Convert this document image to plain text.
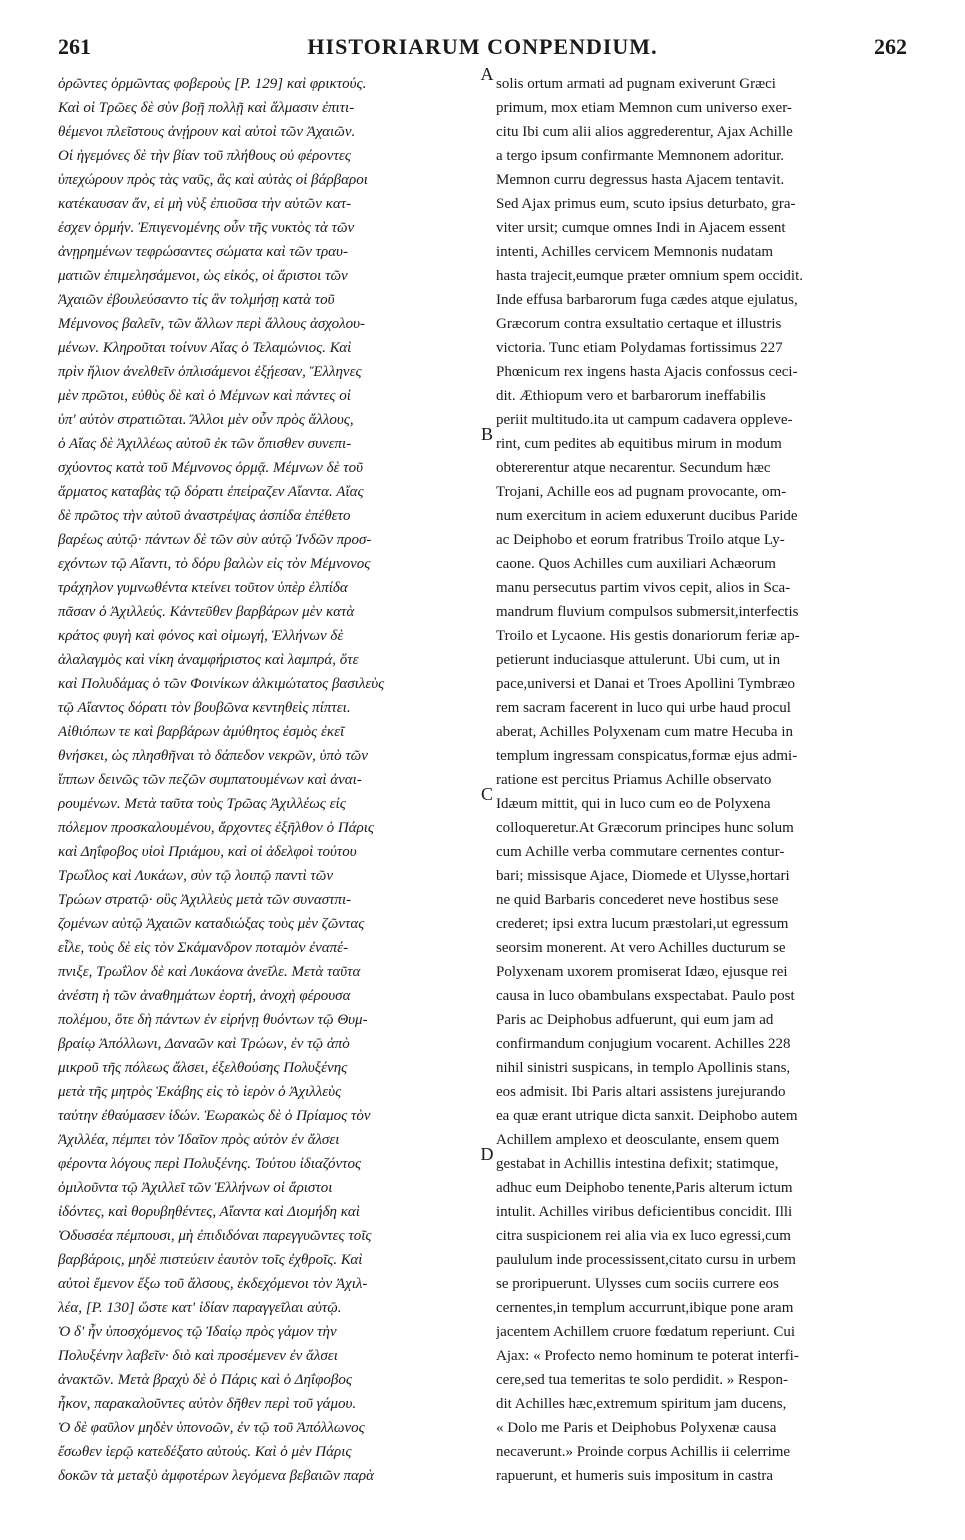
261	HISTORIARUM CONPENDIUM.	262
ὁρῶντες ὁρμῶντας φοβεροὺς [P. 129] καὶ φρικτούς.
Καὶ οἱ Τρῶες δὲ σὺν βοῇ πολλῇ καὶ ἅλμασιν ἐπιτι-
θέμενοι πλεῖστους ἀνῄρουν καὶ αὐτοὶ τῶν Ἀχαιῶν.
Οἱ ἡγεμόνες δὲ τὴν βίαν τοῦ πλήθους οὐ φέροντες
ὑπεχώρουν πρὸς τὰς ναῦς, ἃς καὶ αὐτὰς οἱ βάρβαροι
κατέκαυσαν ἄν, εἰ μὴ νὺξ ἐπιοῦσα τὴν αὐτῶν κατ-
έσχεν ὁρμήν. Ἐπιγενομένης οὖν τῆς νυκτὸς τὰ τῶν
ἀνῃρημένων τεφρώσαντες σώματα καὶ τῶν τραυ-
ματιῶν ἐπιμελησάμενοι, ὡς εἰκός, οἱ ἄριστοι τῶν
Ἀχαιῶν ἐβουλεύσαντο τίς ἂν τολμήσῃ κατὰ τοῦ
Μέμνονος βαλεῖν, τῶν ἄλλων περὶ ἄλλους ἀσχολου-
μένων. Κληροῦται τοίνυν Αἴας ὁ Τελαμώνιος. Καὶ
πρὶν ἥλιον ἀνελθεῖν ὁπλισάμενοι ἐξῄεσαν, Ἕλληνες
μὲν πρῶτοι, εὐθὺς δὲ καὶ ὁ Μέμνων καὶ πάντες οἱ
ὑπ' αὐτὸν στρατιῶται. Ἄλλοι μὲν οὖν πρὸς ἄλλους,
ὁ Αἴας δὲ Ἀχιλλέως αὐτοῦ ἐκ τῶν ὄπισθεν συνεπι-
σχύοντος κατὰ τοῦ Μέμνονος ὁρμᾷ. Μέμνων δὲ τοῦ
ἅρματος καταβὰς τῷ δόρατι ἐπείραζεν Αἴαντα. Αἴας
δὲ πρῶτος τὴν αὐτοῦ ἀναστρέψας ἀσπίδα ἐπέθετο
βαρέως αὐτῷ· πάντων δὲ τῶν σὺν αὐτῷ Ἰνδῶν προσ-
εχόντων τῷ Αἴαντι, τὸ δόρυ βαλὼν εἰς τὸν Μέμνονος
τράχηλον γυμνωθέντα κτείνει τοῦτον ὑπὲρ ἐλπίδα
πᾶσαν ὁ Ἀχιλλεύς. Κἀντεῦθεν βαρβάρων μὲν κατὰ
κράτος φυγὴ καὶ φόνος καὶ οἰμωγή, Ἑλλήνων δὲ
ἀλαλαγμὸς καὶ νίκη ἀναμφήριστος καὶ λαμπρά, ὅτε
καὶ Πολυδάμας ὁ τῶν Φοινίκων ἀλκιμώτατος βασιλεὺς
τῷ Αἴαντος δόρατι τὸν βουβῶνα κεντηθεὶς πίπτει.
Αἰθιόπων τε καὶ βαρβάρων ἀμύθητος ἐσμὸς ἐκεῖ
θνήσκει, ὡς πλησθῆναι τὸ δάπεδον νεκρῶν, ὑπὸ τῶν
ἵππων δεινῶς τῶν πεζῶν συμπατουμένων καὶ ἀναι-
ρουμένων. Μετὰ ταῦτα τοὺς Τρῶας Ἀχιλλέως εἰς
πόλεμον προσκαλουμένου, ἄρχοντες ἐξῆλθον ὁ Πάρις
καὶ Δηΐφοβος υἱοὶ Πριάμου, καὶ οἱ ἀδελφοὶ τούτου
Τρωΐλος καὶ Λυκάων, σὺν τῷ λοιπῷ παντὶ τῶν
Τρώων στρατῷ· οὓς Ἀχιλλεὺς μετὰ τῶν συναστπι-
ζομένων αὐτῷ Ἀχαιῶν καταδιώξας τοὺς μὲν ζῶντας
εἷλε, τοὺς δὲ εἰς τὸν Σκάμανδρον ποταμὸν ἐναπέ-
πνιξε, Τρωΐλον δὲ καὶ Λυκάονα ἀνεῖλε. Μετὰ ταῦτα
ἀνέστη ἡ τῶν ἀναθημάτων ἑορτή, ἀνοχὴ φέρουσα
πολέμου, ὅτε δὴ πάντων ἐν εἰρήνῃ θυόντων τῷ Θυμ-
βραίῳ Ἀπόλλωνι, Δαναῶν καὶ Τρώων, ἐν τῷ ἀπὸ
μικροῦ τῆς πόλεως ἄλσει, ἐξελθούσης Πολυξένης
μετὰ τῆς μητρὸς Ἑκάβης εἰς τὸ ἱερὸν ὁ Ἀχιλλεὺς
ταύτην ἐθαύμασεν ἰδών. Ἑωρακὼς δὲ ὁ Πρίαμος τὸν
Ἀχιλλέα, πέμπει τὸν Ἰδαῖον πρὸς αὐτὸν ἐν ἄλσει
φέροντα λόγους περὶ Πολυξένης. Τούτου ἰδιαζόντος
ὁμιλοῦντα τῷ Ἀχιλλεῖ τῶν Ἑλλήνων οἱ ἄριστοι
ἰδόντες, καὶ θορυβηθέντες, Αἴαντα καὶ Διομήδη καὶ
Ὀδυσσέα πέμπουσι, μὴ ἐπιδιδόναι παρεγγυῶντες τοῖς
βαρβάροις, μηδὲ πιστεύειν ἑαυτὸν τοῖς ἐχθροῖς. Καὶ
αὐτοὶ ἔμενον ἔξω τοῦ ἄλσους, ἐκδεχόμενοι τὸν Ἀχιλ-
λέα, [P. 130] ὥστε κατ' ἰδίαν παραγγεῖλαι αὐτῷ.
Ὁ δ' ἦν ὑποσχόμενος τῷ Ἰδαίῳ πρὸς γάμον τὴν
Πολυξένην λαβεῖν· διὸ καὶ προσέμενεν ἐν ἄλσει
ἀνακτῶν. Μετὰ βραχὺ δὲ ὁ Πάρις καὶ ὁ Δηΐφοβος
ἧκον, παρακαλοῦντες αὐτὸν δῆθεν περὶ τοῦ γάμου.
Ὁ δὲ φαῦλον μηδὲν ὑπονοῶν, ἐν τῷ τοῦ Ἀπόλλωνος
ἔσωθεν ἱερῷ κατεδέξατο αὐτούς. Καὶ ὁ μὲν Πάρις
δοκῶν τὰ μεταξὺ ἀμφοτέρων λεγόμενα βεβαιῶν παρὰ
A
B
C
D
solis ortum armati ad pugnam exiverunt Græci
primum, mox etiam Memnon cum universo exer-
citu Ibi cum alii alios aggrederentur, Ajax Achille
a tergo ipsum confirmante Memnonem adoritur.
Memnon curru degressus hasta Ajacem tentavit.
Sed Ajax primus eum, scuto ipsius deturbato, gra-
viter ursit; cumque omnes Indi in Ajacem essent
intenti, Achilles cervicem Memnonis nudatam
hasta trajecit,eumque præter omnium spem occidit.
Inde effusa barbarorum fuga cædes atque ejulatus,
Græcorum contra exsultatio certaque et illustris
victoria. Tunc etiam Polydamas fortissimus 227
Phœnicum rex ingens hasta Ajacis confossus ceci-
dit. Æthiopum vero et barbarorum ineffabilis
periit multitudo.ita ut campum cadavera oppleve-
rint, cum pedites ab equitibus mirum in modum
obtererentur atque necarentur. Secundum hæc
Trojani, Achille eos ad pugnam provocante, om-
num exercitum in aciem eduxerunt ducibus Paride
ac Deiphobo et eorum fratribus Troilo atque Ly-
caone. Quos Achilles cum auxiliari Achæorum
manu persecutus partim vivos cepit, alios in Sca-
mandrum fluvium compulsos submersit,interfectis
Troilo et Lycaone. His gestis donariorum feriæ ap-
petierunt induciasque attulerunt. Ubi cum, ut in
pace,universi et Danai et Troes Apollini Tymbræo
rem sacram facerent in luco qui urbe haud procul
aberat, Achilles Polyxenam cum matre Hecuba in
templum ingressam conspicatus,formæ ejus admi-
ratione est percitus Priamus Achille observato
Idæum mittit, qui in luco cum eo de Polyxena
colloqueretur.At Græcorum principes hunc solum
cum Achille verba commutare cernentes contur-
bari; missisque Ajace, Diomede et Ulysse,hortari
ne quid Barbaris concederet neve hostibus sese
crederet; ipsi extra lucum præstolari,ut egressum
seorsim monerent. At vero Achilles ducturum se
Polyxenam uxorem promiserat Idæo, ejusque rei
causa in luco obambulans exspectabat. Paulo post
Paris ac Deiphobus adfuerunt, qui eum jam ad
confirmandum conjugium vocarent. Achilles 228
nihil sinistri suspicans, in templo Apollinis stans,
eos admisit. Ibi Paris altari assistens jurejurando
ea quæ erant utrique dicta sanxit. Deiphobo autem
Achillem amplexo et deosculante, ensem quem
gestabat in Achillis intestina defixit; statimque,
adhuc eum Deiphobo tenente,Paris alterum ictum
intulit. Achilles viribus deficientibus concidit. Illi
citra suspicionem rei alia via ex luco egressi,cum
paululum inde processissent,citato cursu in urbem
se proripuerunt. Ulysses cum sociis currere eos
cernentes,in templum accurrunt,ibique pone aram
jacentem Achillem cruore fœdatum reperiunt. Cui
Ajax: « Profecto nemo hominum te poterat interfi-
cere,sed tua temeritas te solo perdidit. » Respon-
dit Achilles hæc,extremum spiritum jam ducens,
« Dolo me Paris et Deiphobus Polyxenæ causa
necaverunt.» Proinde corpus Achillis ii celerrime
rapuerunt, et humeris suis impositum in castra
